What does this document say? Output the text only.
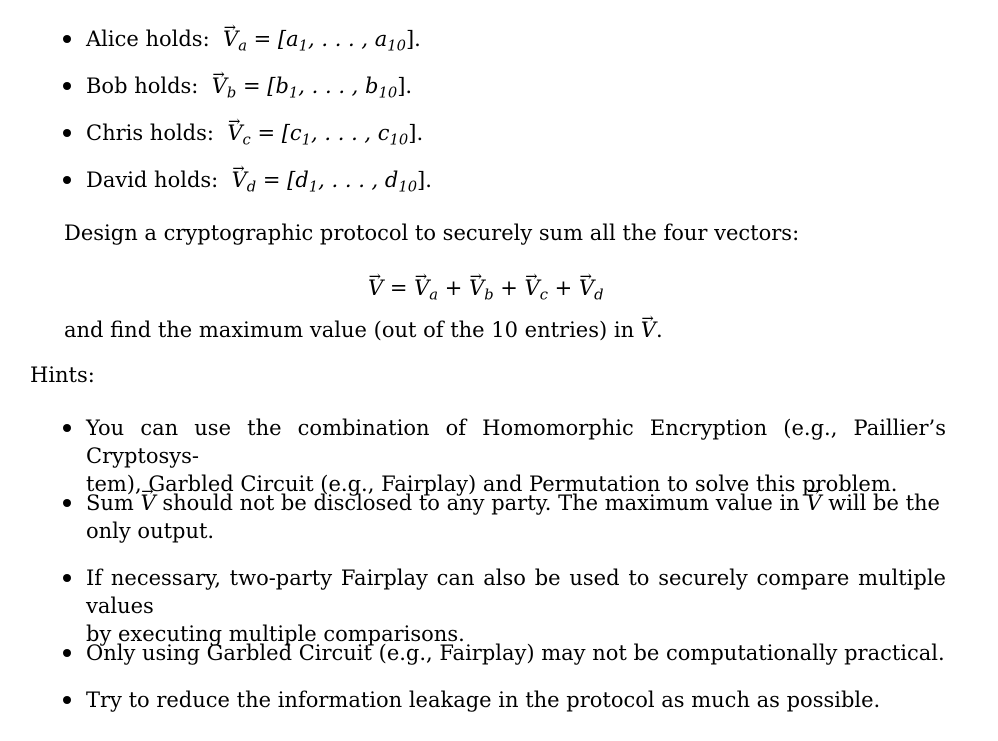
Alice holds: → $V_a = [a_1$, . . . , $a_{10}$].
Bob holds: → $V_b = [b_1$, . . . , $b_{10}$].
Chris holds: → $V_c = [c_1$, . . . , $c_{10}$].
David holds: → $V_d = [d_1$, . . . , $d_{10}$].
Design a cryptographic protocol to securely sum all the four vectors:
→ V = → $V_a$ + → $V_b$ + → $V_c$ + → $V_d$
and find the maximum value (out of the 10 entries) in → V.
Hints:
You can use the combination of Homomorphic Encryption (e.g., Paillier’s Cryptosys-
tem), Garbled Circuit (e.g., Fairplay) and Permutation to solve this problem.
Sum → V should not be disclosed to any party. The maximum value in → V will be the
only output.
If necessary, two-party Fairplay can also be used to securely compare multiple values
by executing multiple comparisons.
Only using Garbled Circuit (e.g., Fairplay) may not be computationally practical.
Try to reduce the information leakage in the protocol as much as possible.
